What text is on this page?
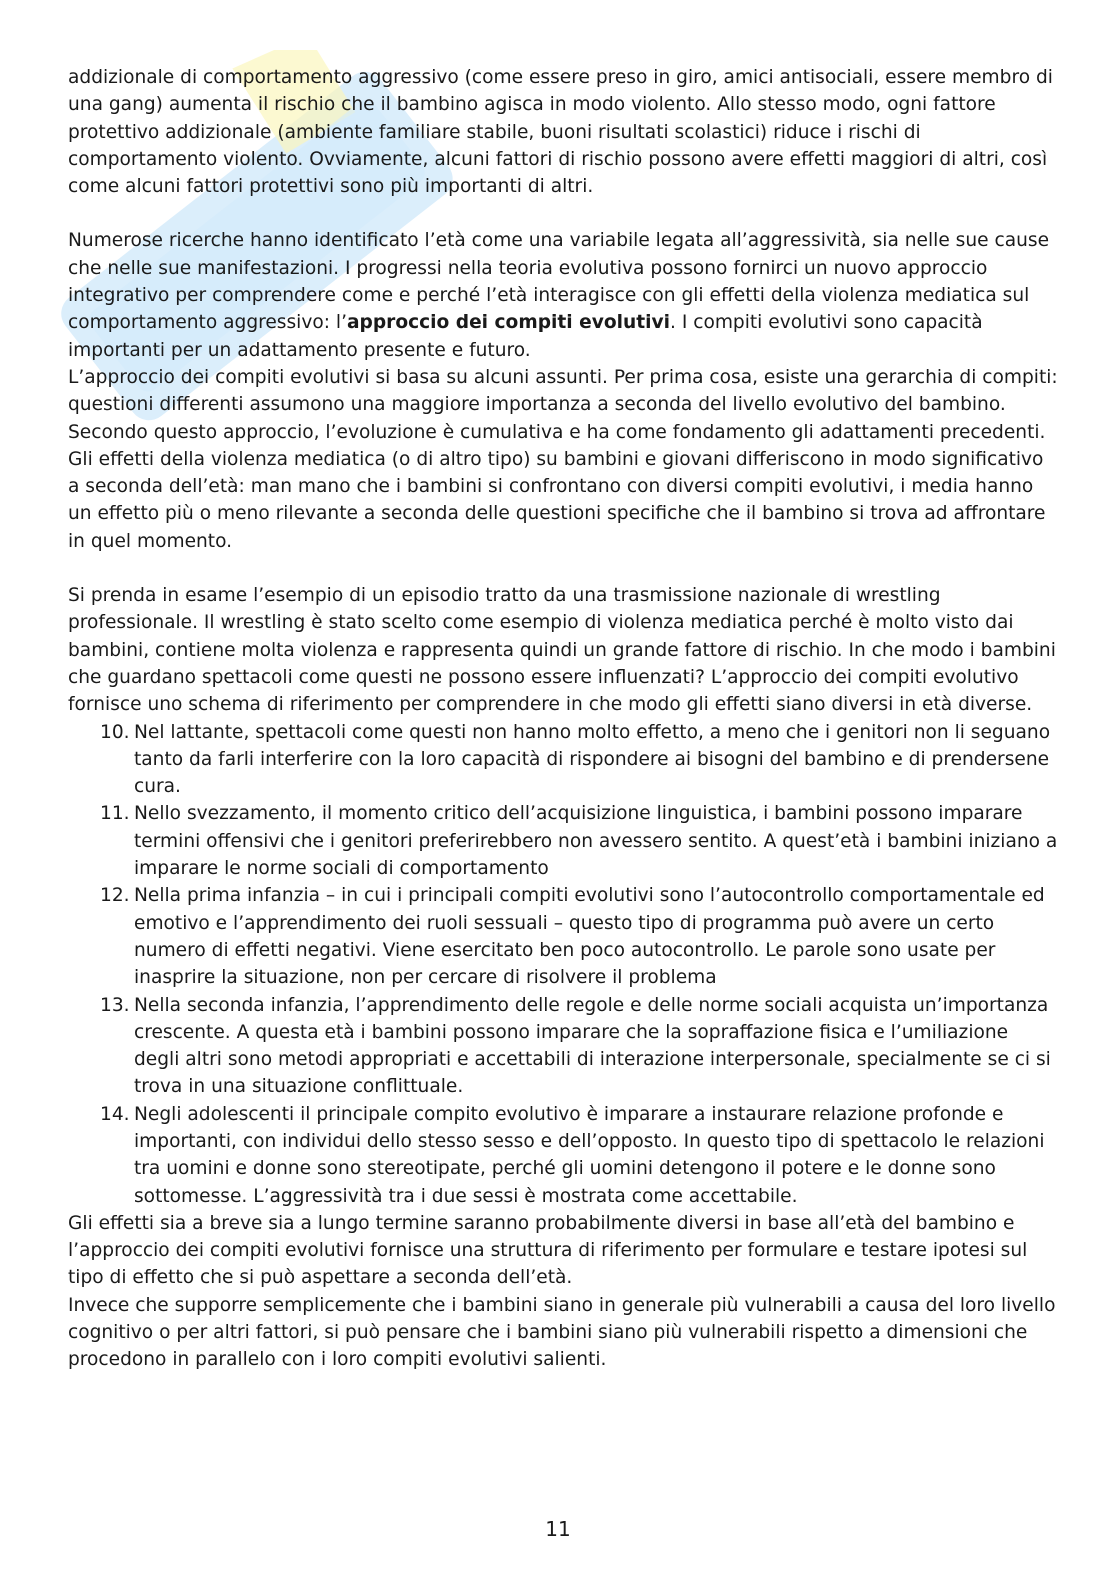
addizionale di comportamento aggressivo (come essere preso in giro, amici antisociali, essere membro di una gang) aumenta il rischio che il bambino agisca in modo violento. Allo stesso modo, ogni fattore protettivo addizionale (ambiente familiare stabile, buoni risultati scolastici) riduce i rischi di comportamento violento. Ovviamente, alcuni fattori di rischio possono avere effetti maggiori di altri, così come alcuni fattori protettivi sono più importanti di altri.

Numerose ricerche hanno identificato l’età come una variabile legata all’aggressività, sia nelle sue cause che nelle sue manifestazioni. I progressi nella teoria evolutiva possono fornirci un nuovo approccio integrativo per comprendere come e perché l’età interagisce con gli effetti della violenza mediatica sul comportamento aggressivo: l’approccio dei compiti evolutivi. I compiti evolutivi sono capacità importanti per un adattamento presente e futuro.

L’approccio dei compiti evolutivi si basa su alcuni assunti. Per prima cosa, esiste una gerarchia di compiti: questioni differenti assumono una maggiore importanza a seconda del livello evolutivo del bambino. Secondo questo approccio, l’evoluzione è cumulativa e ha come fondamento gli adattamenti precedenti.

Gli effetti della violenza mediatica (o di altro tipo) su bambini e giovani differiscono in modo significativo a seconda dell’età: man mano che i bambini si confrontano con diversi compiti evolutivi, i media hanno un effetto più o meno rilevante a seconda delle questioni specifiche che il bambino si trova ad affrontare in quel momento.

Si prenda in esame l’esempio di un episodio tratto da una trasmissione nazionale di wrestling professionale. Il wrestling è stato scelto come esempio di violenza mediatica perché è molto visto dai bambini, contiene molta violenza e rappresenta quindi un grande fattore di rischio. In che modo i bambini che guardano spettacoli come questi ne possono essere influenzati? L’approccio dei compiti evolutivo fornisce uno schema di riferimento per comprendere in che modo gli effetti siano diversi in età diverse.

10. Nel lattante, spettacoli come questi non hanno molto effetto, a meno che i genitori non li seguano tanto da farli interferire con la loro capacità di rispondere ai bisogni del bambino e di prendersene cura.
11. Nello svezzamento, il momento critico dell’acquisizione linguistica, i bambini possono imparare termini offensivi che i genitori preferirebbero non avessero sentito. A quest’età i bambini iniziano a imparare le norme sociali di comportamento
12. Nella prima infanzia – in cui i principali compiti evolutivi sono l’autocontrollo comportamentale ed emotivo e l’apprendimento dei ruoli sessuali – questo tipo di programma può avere un certo numero di effetti negativi. Viene esercitato ben poco autocontrollo. Le parole sono usate per inasprire la situazione, non per cercare di risolvere il problema
13. Nella seconda infanzia, l’apprendimento delle regole e delle norme sociali acquista un’importanza crescente. A questa età i bambini possono imparare che la sopraffazione fisica e l’umiliazione degli altri sono metodi appropriati e accettabili di interazione interpersonale, specialmente se ci si trova in una situazione conflittuale.
14. Negli adolescenti il principale compito evolutivo è imparare a instaurare relazione profonde e importanti, con individui dello stesso sesso e dell’opposto. In questo tipo di spettacolo le relazioni tra uomini e donne sono stereotipate, perché gli uomini detengono il potere e le donne sono sottomesse. L’aggressività tra i due sessi è mostrata come accettabile.

Gli effetti sia a breve sia a lungo termine saranno probabilmente diversi in base all’età del bambino e l’approccio dei compiti evolutivi fornisce una struttura di riferimento per formulare e testare ipotesi sul tipo di effetto che si può aspettare a seconda dell’età.

Invece che supporre semplicemente che i bambini siano in generale più vulnerabili a causa del loro livello cognitivo o per altri fattori, si può pensare che i bambini siano più vulnerabili rispetto a dimensioni che procedono in parallelo con i loro compiti evolutivi salienti.

11
